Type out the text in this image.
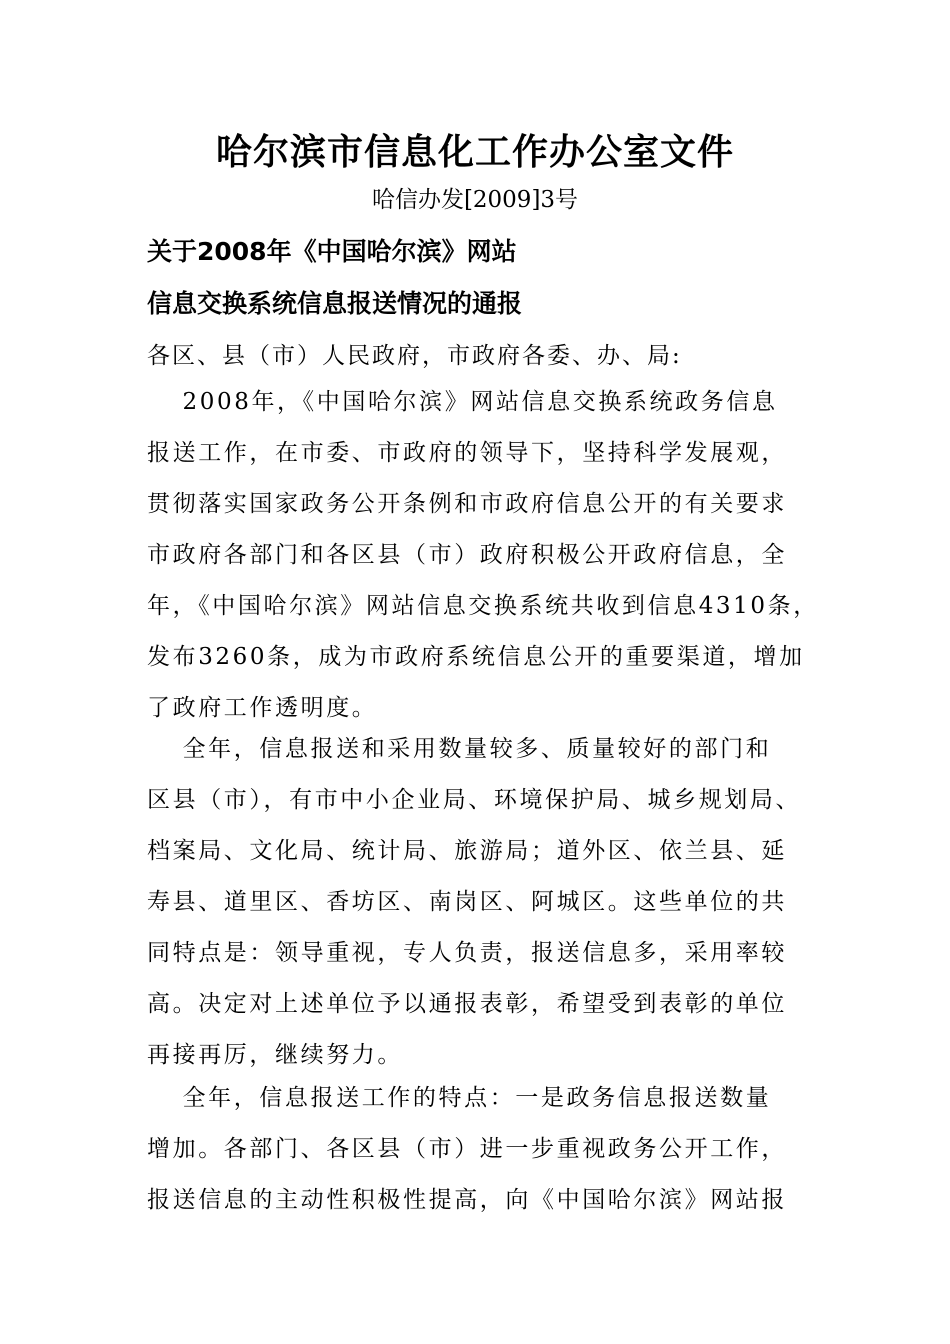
哈尔滨市信息化工作办公室文件
哈信办发[2009]3号
关于2008年《中国哈尔滨》网站
信息交换系统信息报送情况的通报
各区、县（市）人民政府，市政府各委、办、局:
　 2008年，《中国哈尔滨》网站信息交换系统政务信息
报送工作，在市委、市政府的领导下，坚持科学发展观，
贯彻落实国家政务公开条例和市政府信息公开的有关要求
市政府各部门和各区县（市）政府积极公开政府信息，全
年，《中国哈尔滨》网站信息交换系统共收到信息4310条，
发布3260条，成为市政府系统信息公开的重要渠道，增加
了政府工作透明度。
　 全年，信息报送和采用数量较多、质量较好的部门和
区县（市），有市中小企业局、环境保护局、城乡规划局、
档案局、文化局、统计局、旅游局；道外区、依兰县、延
寿县、道里区、香坊区、南岗区、阿城区。这些单位的共
同特点是：领导重视，专人负责，报送信息多，采用率较
高。决定对上述单位予以通报表彰，希望受到表彰的单位
再接再厉，继续努力。
　 全年，信息报送工作的特点：一是政务信息报送数量
增加。各部门、各区县（市）进一步重视政务公开工作，
报送信息的主动性积极性提高，向《中国哈尔滨》网站报
